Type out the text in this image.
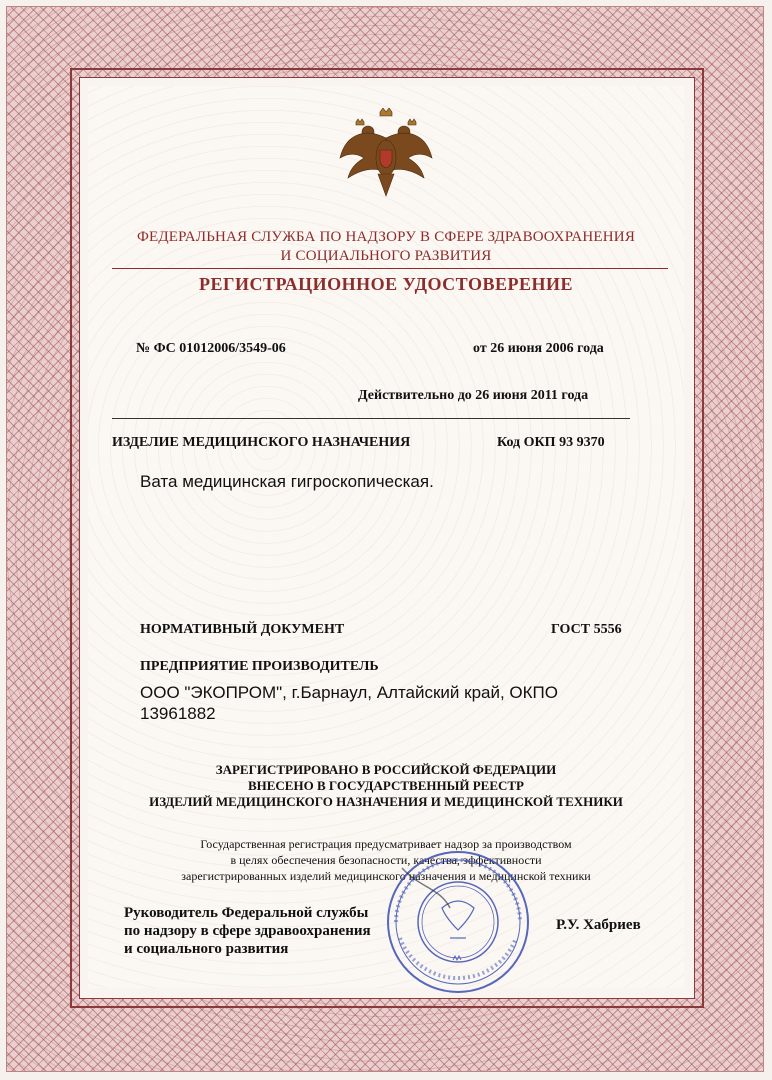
ФЕДЕРАЛЬНАЯ СЛУЖБА ПО НАДЗОРУ В СФЕРЕ ЗДРАВООХРАНЕНИЯ
И СОЦИАЛЬНОГО РАЗВИТИЯ
РЕГИСТРАЦИОННОЕ УДОСТОВЕРЕНИЕ
№ ФС 01012006/3549-06	от 26 июня 2006 года
Действительно до 26 июня 2011 года
ИЗДЕЛИЕ МЕДИЦИНСКОГО НАЗНАЧЕНИЯ	Код ОКП 93 9370
Вата медицинская гигроскопическая.
НОРМАТИВНЫЙ ДОКУМЕНТ	ГОСТ 5556
ПРЕДПРИЯТИЕ ПРОИЗВОДИТЕЛЬ
ООО "ЭКОПРОМ", г.Барнаул, Алтайский край, ОКПО
13961882
ЗАРЕГИСТРИРОВАНО В РОССИЙСКОЙ ФЕДЕРАЦИИ
ВНЕСЕНО В ГОСУДАРСТВЕННЫЙ РЕЕСТР
ИЗДЕЛИЙ МЕДИЦИНСКОГО НАЗНАЧЕНИЯ И МЕДИЦИНСКОЙ ТЕХНИКИ
Государственная регистрация предусматривает надзор за производством
в целях обеспечения безопасности, качества, эффективности
зарегистрированных изделий медицинского назначения и медицинской техники
Руководитель Федеральной службы
по надзору в сфере здравоохранения
и социального развития
Р.У. Хабриев
